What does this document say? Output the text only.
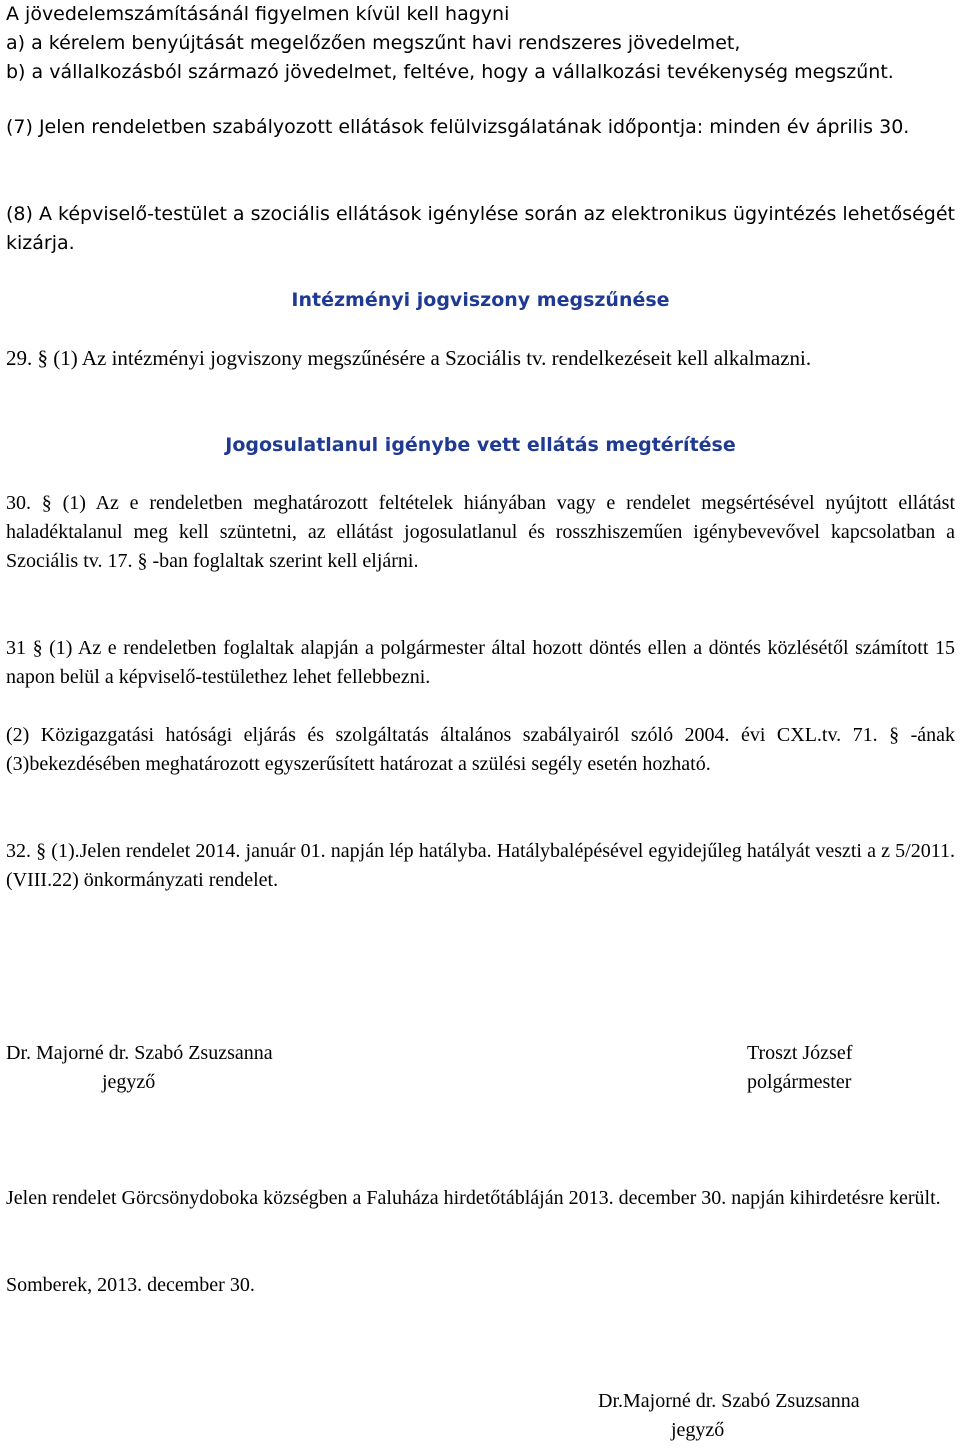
A jövedelemszámításánál figyelmen kívül kell hagyni
a) a kérelem benyújtását megelőzően megszűnt havi rendszeres jövedelmet,
b) a vállalkozásból származó jövedelmet, feltéve, hogy a vállalkozási tevékenység megszűnt.

(7) Jelen rendeletben szabályozott ellátások felülvizsgálatának időpontja: minden év április 30.

(8) A képviselő-testület a szociális ellátások igénylése során az elektronikus ügyintézés lehetőségét kizárja.

Intézményi jogviszony megszűnése

29. § (1) Az intézményi jogviszony megszűnésére a Szociális tv. rendelkezéseit kell alkalmazni.

Jogosulatlanul igénybe vett ellátás megtérítése

30. § (1) Az e rendeletben meghatározott feltételek hiányában vagy e rendelet megsértésével nyújtott ellátást haladéktalanul meg kell szüntetni, az ellátást jogosulatlanul és rosszhiszeműen igénybevevővel kapcsolatban a Szociális tv. 17. § -ban foglaltak szerint kell eljárni.

31 § (1) Az e rendeletben foglaltak alapján a polgármester által hozott döntés ellen a döntés közlésétől számított 15 napon belül a képviselő-testülethez lehet fellebbezni.

(2) Közigazgatási hatósági eljárás és szolgáltatás általános szabályairól szóló 2004. évi CXL.tv. 71. § -ának (3)bekezdésében meghatározott egyszerűsített határozat a szülési segély esetén hozható.

32. § (1).Jelen rendelet 2014. január 01. napján lép hatályba. Hatálybalépésével egyidejűleg hatályát veszti a z 5/2011.(VIII.22) önkormányzati rendelet.

Dr. Majorné dr. Szabó Zsuzsanna
jegyző
Troszt József
polgármester

Jelen rendelet Görcsönydoboka községben a Faluháza hirdetőtábláján 2013. december 30. napján kihirdetésre került.

Somberek, 2013. december 30.

Dr.Majorné dr. Szabó Zsuzsanna
jegyző
